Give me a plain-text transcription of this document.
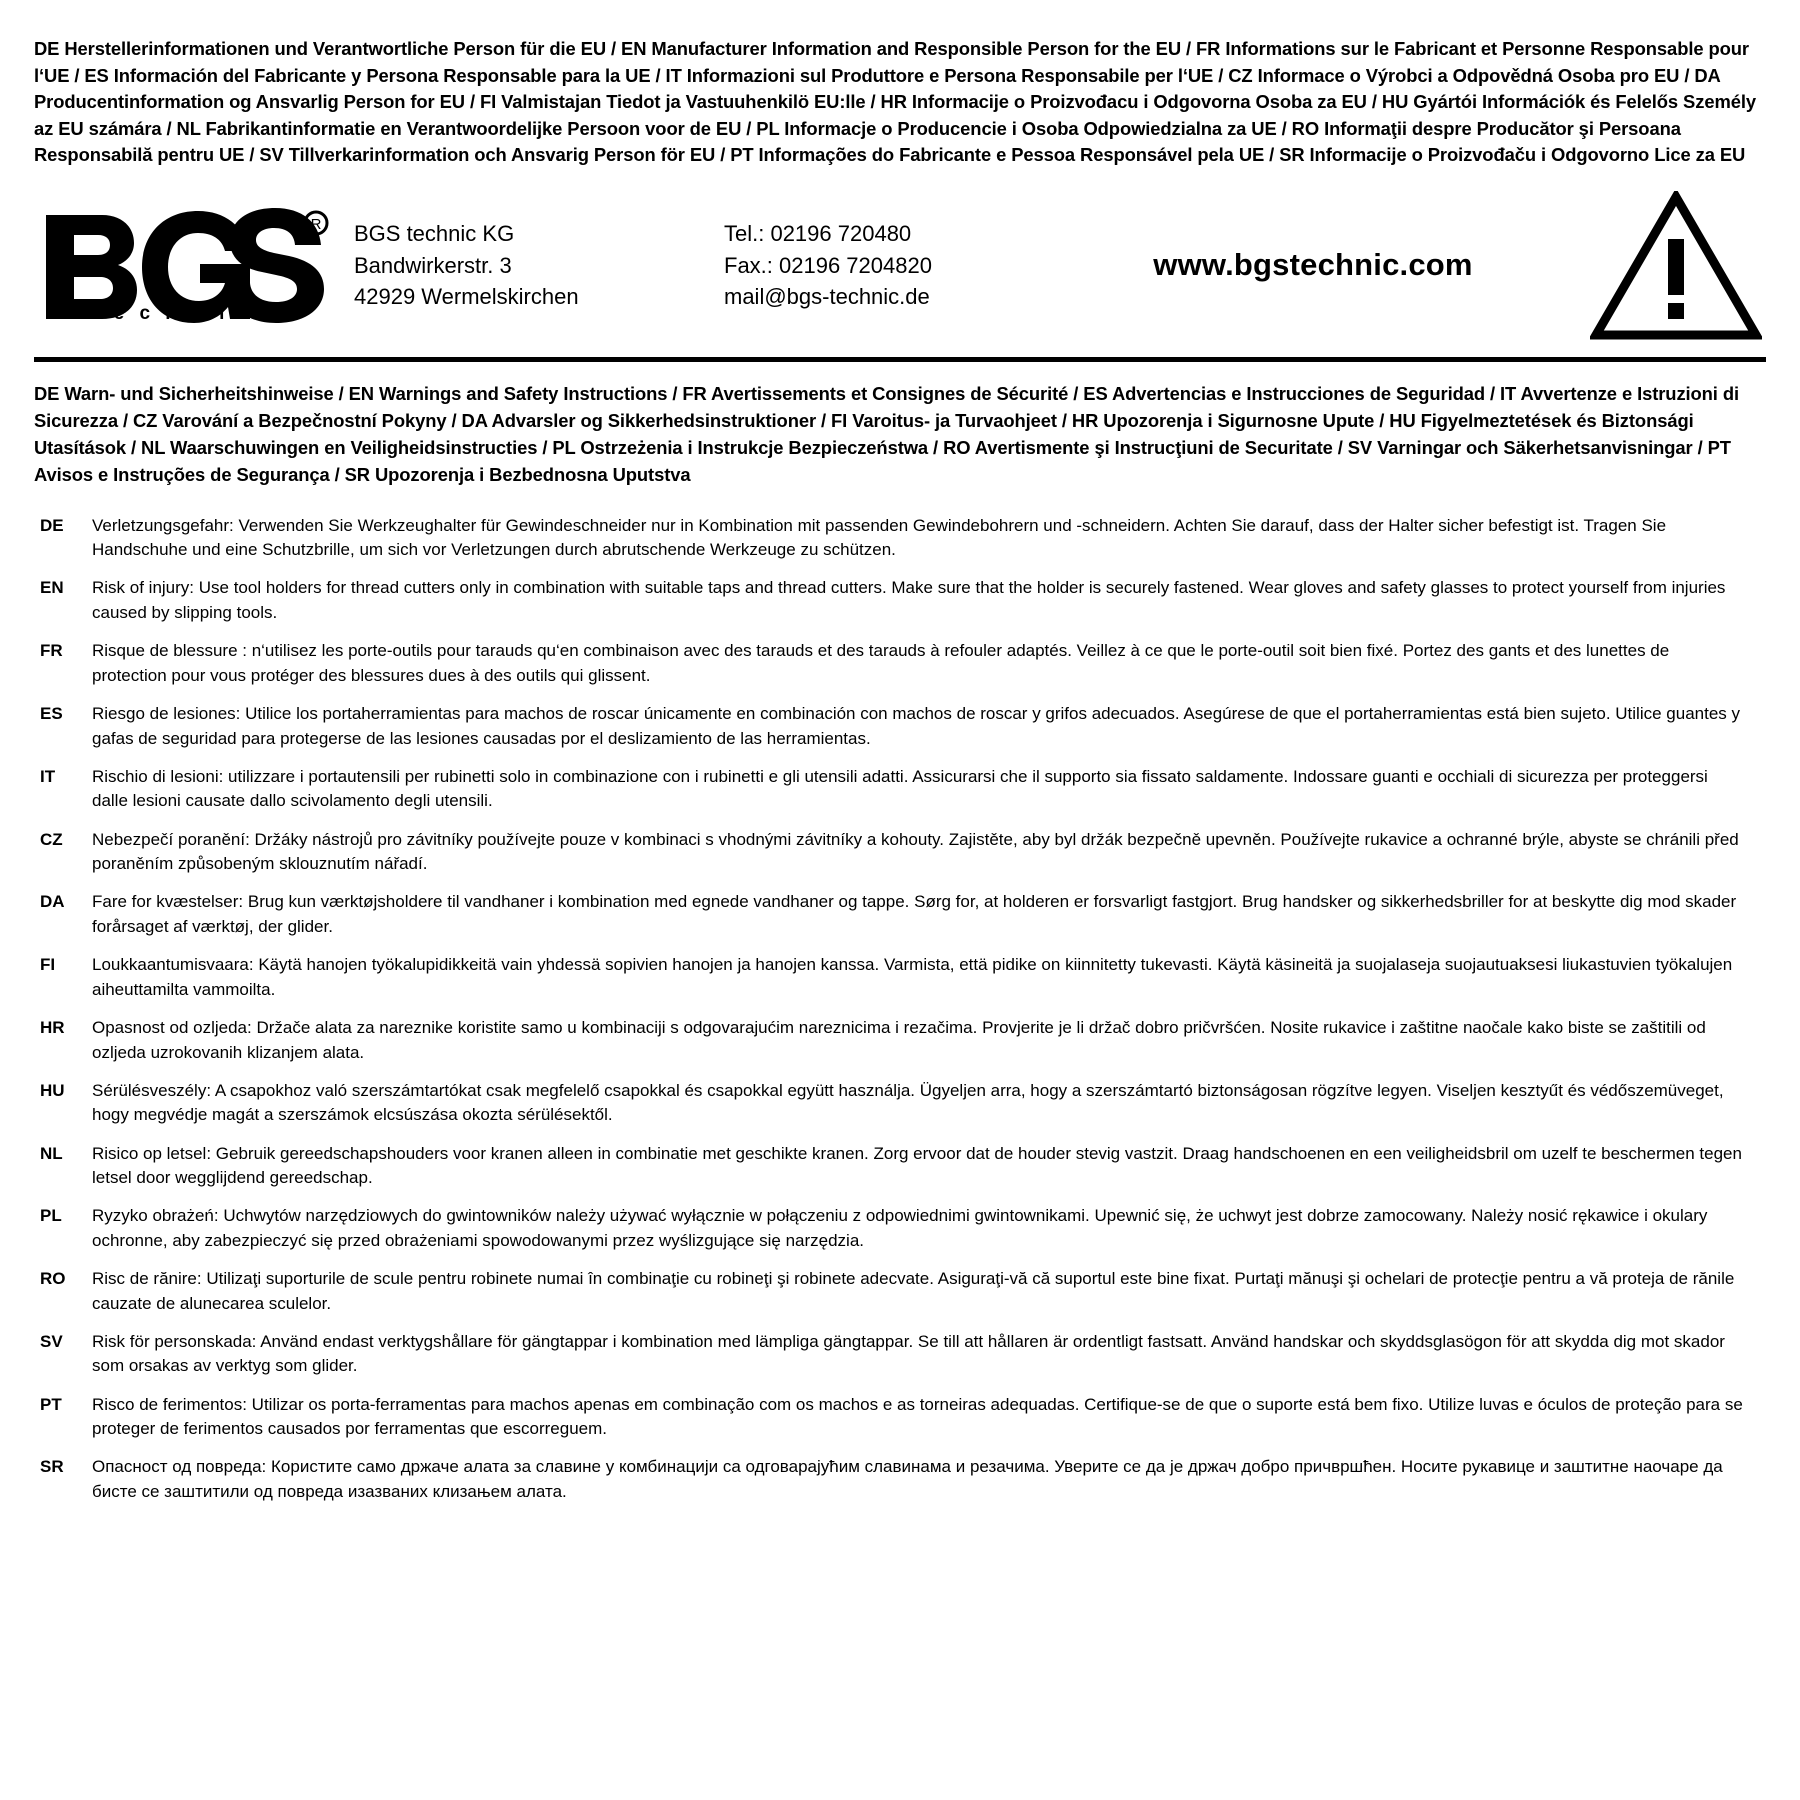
DE Herstellerinformationen und Verantwortliche Person für die EU / EN Manufacturer Information and Responsible Person for the EU / FR Informations sur le Fabricant et Personne Responsable pour l‘UE / ES Información del Fabricante y Persona Responsable para la UE / IT Informazioni sul Produttore e Persona Responsabile per l‘UE / CZ Informace o Výrobci a Odpovědná Osoba pro EU / DA Producentinformation og Ansvarlig Person for EU / FI Valmistajan Tiedot ja Vastuuhenkilö EU:lle / HR Informacije o Proizvođacu i Odgovorna Osoba za EU / HU Gyártói Információk és Felelős Személy az EU számára / NL Fabrikantinformatie en Verantwoordelijke Persoon voor de EU / PL Informacje o Producencie i Osoba Odpowiedzialna za UE / RO Informaţii despre Producător şi Persoana Responsabilă pentru UE / SV Tillverkarinformation och Ansvarig Person för EU / PT Informações do Fabricante e Pessoa Responsável pela UE / SR Informacije o Proizvođaču i Odgovorno Lice za EU
R
t e c h n i c
BGS technic KG
Bandwirkerstr. 3
42929 Wermelskirchen
Tel.: 02196 720480
Fax.: 02196 7204820
mail@bgs-technic.de
www.bgstechnic.com
DE Warn- und Sicherheitshinweise / EN Warnings and Safety Instructions / FR Avertissements et Consignes de Sécurité / ES Advertencias e Instrucciones de Seguridad / IT Avvertenze e Istruzioni di Sicurezza / CZ Varování a Bezpečnostní Pokyny / DA Advarsler og Sikkerhedsinstruktioner / FI Varoitus- ja Turvaohjeet / HR Upozorenja i Sigurnosne Upute / HU Figyelmeztetések és Biztonsági Utasítások / NL Waarschuwingen en Veiligheidsinstructies / PL Ostrzeżenia i Instrukcje Bezpieczeństwa / RO Avertismente şi Instrucţiuni de Securitate / SV Varningar och Säkerhetsanvisningar / PT Avisos e Instruções de Segurança / SR Upozorenja i Bezbednosna Uputstva
DE	Verletzungsgefahr: Verwenden Sie Werkzeughalter für Gewindeschneider nur in Kombination mit passenden Gewindebohrern und -schneidern. Achten Sie darauf, dass der Halter sicher befestigt ist. Tragen Sie Handschuhe und eine Schutzbrille, um sich vor Verletzungen durch abrutschende Werkzeuge zu schützen.
EN	Risk of injury: Use tool holders for thread cutters only in combination with suitable taps and thread cutters. Make sure that the holder is securely fastened. Wear gloves and safety glasses to protect yourself from injuries caused by slipping tools.
FR	Risque de blessure : n‘utilisez les porte-outils pour tarauds qu‘en combinaison avec des tarauds et des tarauds à refouler adaptés. Veillez à ce que le porte-outil soit bien fixé. Portez des gants et des lunettes de protection pour vous protéger des blessures dues à des outils qui glissent.
ES	Riesgo de lesiones: Utilice los portaherramientas para machos de roscar únicamente en combinación con machos de roscar y grifos adecuados. Asegúrese de que el portaherramientas está bien sujeto. Utilice guantes y gafas de seguridad para protegerse de las lesiones causadas por el deslizamiento de las herramientas.
IT	Rischio di lesioni: utilizzare i portautensili per rubinetti solo in combinazione con i rubinetti e gli utensili adatti. Assicurarsi che il supporto sia fissato saldamente. Indossare guanti e occhiali di sicurezza per proteggersi dalle lesioni causate dallo scivolamento degli utensili.
CZ	Nebezpečí poranění: Držáky nástrojů pro závitníky používejte pouze v kombinaci s vhodnými závitníky a kohouty. Zajistěte, aby byl držák bezpečně upevněn. Používejte rukavice a ochranné brýle, abyste se chránili před poraněním způsobeným sklouznutím nářadí.
DA	Fare for kvæstelser: Brug kun værktøjsholdere til vandhaner i kombination med egnede vandhaner og tappe. Sørg for, at holderen er forsvarligt fastgjort. Brug handsker og sikkerhedsbriller for at beskytte dig mod skader forårsaget af værktøj, der glider.
FI	Loukkaantumisvaara: Käytä hanojen työkalupidikkeitä vain yhdessä sopivien hanojen ja hanojen kanssa. Varmista, että pidike on kiinnitetty tukevasti. Käytä käsineitä ja suojalaseja suojautuaksesi liukastuvien työkalujen aiheuttamilta vammoilta.
HR	Opasnost od ozljeda: Držače alata za nareznike koristite samo u kombinaciji s odgovarajućim nareznicima i rezačima. Provjerite je li držač dobro pričvršćen. Nosite rukavice i zaštitne naočale kako biste se zaštitili od ozljeda uzrokovanih klizanjem alata.
HU	Sérülésveszély: A csapokhoz való szerszámtartókat csak megfelelő csapokkal és csapokkal együtt használja. Ügyeljen arra, hogy a szerszámtartó biztonságosan rögzítve legyen. Viseljen kesztyűt és védőszemüveget, hogy megvédje magát a szerszámok elcsúszása okozta sérülésektől.
NL	Risico op letsel: Gebruik gereedschapshouders voor kranen alleen in combinatie met geschikte kranen. Zorg ervoor dat de houder stevig vastzit. Draag handschoenen en een veiligheidsbril om uzelf te beschermen tegen letsel door wegglijdend gereedschap.
PL	Ryzyko obrażeń: Uchwytów narzędziowych do gwintowników należy używać wyłącznie w połączeniu z odpowiednimi gwintownikami. Upewnić się, że uchwyt jest dobrze zamocowany. Należy nosić rękawice i okulary ochronne, aby zabezpieczyć się przed obrażeniami spowodowanymi przez wyślizgujące się narzędzia.
RO	Risc de rănire: Utilizaţi suporturile de scule pentru robinete numai în combinaţie cu robineţi şi robinete adecvate. Asiguraţi-vă că suportul este bine fixat. Purtaţi mănuşi şi ochelari de protecţie pentru a vă proteja de rănile cauzate de alunecarea sculelor.
SV	Risk för personskada: Använd endast verktygshållare för gängtappar i kombination med lämpliga gängtappar. Se till att hållaren är ordentligt fastsatt. Använd handskar och skyddsglasögon för att skydda dig mot skador som orsakas av verktyg som glider.
PT	Risco de ferimentos: Utilizar os porta-ferramentas para machos apenas em combinação com os machos e as torneiras adequadas. Certifique-se de que o suporte está bem fixo. Utilize luvas e óculos de proteção para se proteger de ferimentos causados por ferramentas que escorreguem.
SR	Опасност од повреда: Користите само држаче алата за славине у комбинацији са одговарајућим славинама и резачима. Уверите се да је држач добро причвршћен. Носите рукавице и заштитне наочаре да бисте се заштитили од повреда изазваних клизањем алата.
